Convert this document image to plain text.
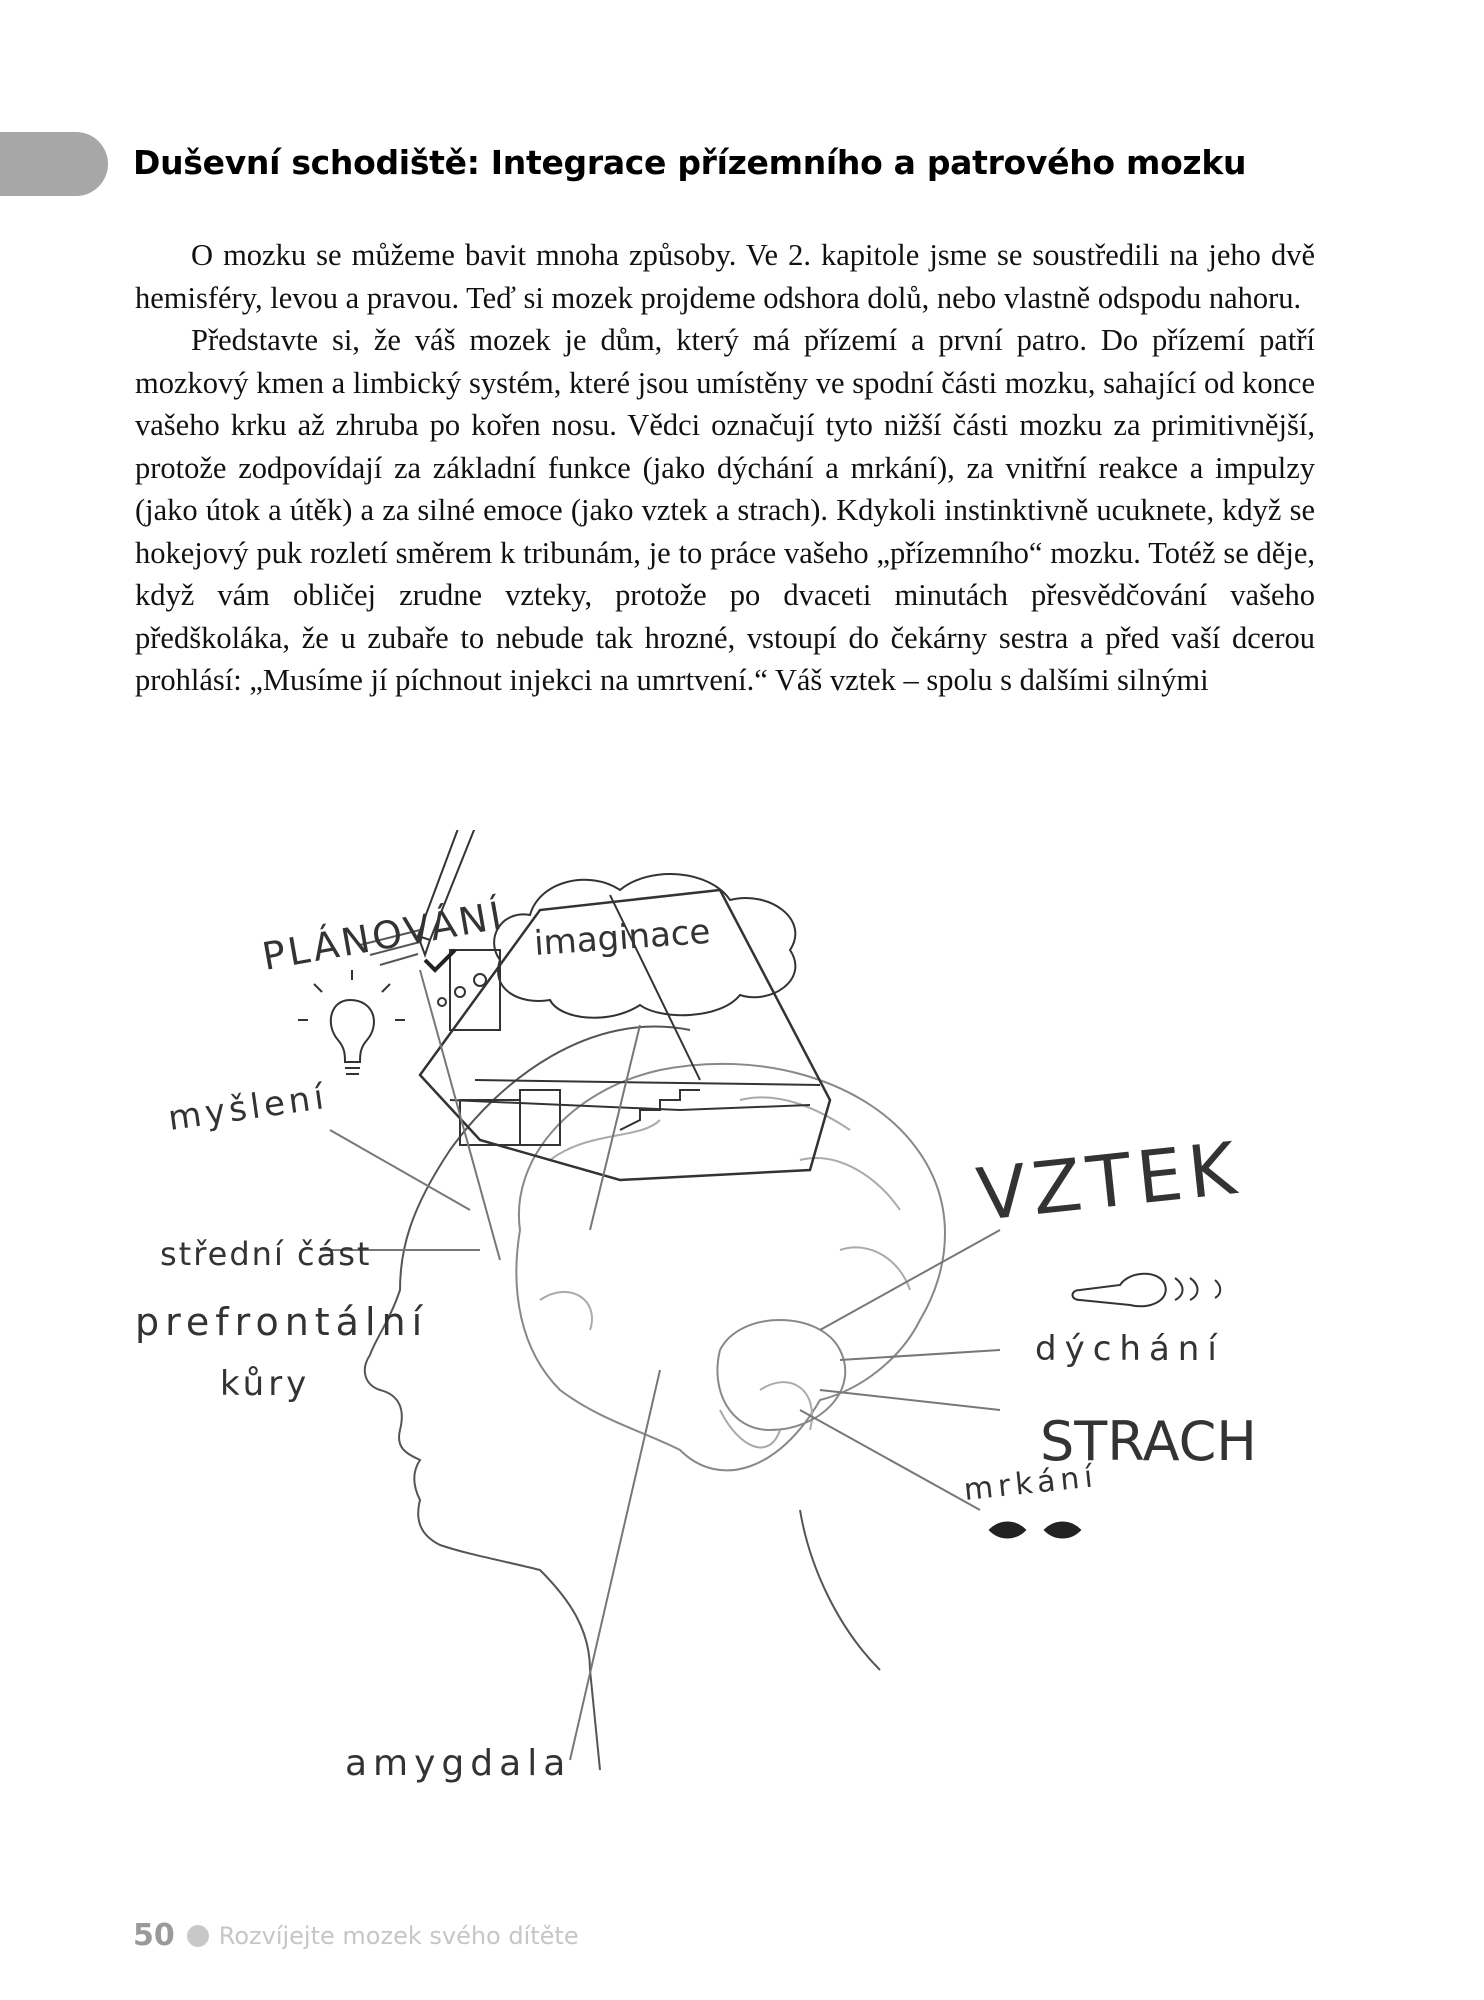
Duševní schodiště: Integrace přízemního a patrového mozku

O mozku se můžeme bavit mnoha způsoby. Ve 2. kapitole jsme se soustředili na jeho dvě hemisféry, levou a pravou. Teď si mozek projdeme odshora dolů, nebo vlastně odspodu nahoru.

Představte si, že váš mozek je dům, který má přízemí a první patro. Do přízemí patří mozkový kmen a limbický systém, které jsou umístěny ve spodní části mozku, sahající od konce vašeho krku až zhruba po kořen nosu. Vědci označují tyto nižší části mozku za primitivnější, protože zodpovídají za základní funkce (jako dýchání a mrkání), za vnitřní reakce a impulzy (jako útok a útěk) a za silné emoce (jako vztek a strach). Kdykoli instinktivně ucuknete, když se hokejový puk rozletí směrem k tribunám, je to práce vašeho „přízemního“ mozku. Totéž se děje, když vám obličej zrudne vzteky, protože po dvaceti minutách přesvědčování vašeho předškoláka, že u zubaře to nebude tak hrozné, vstoupí do čekárny sestra a před vaší dcerou prohlásí: „Musíme jí píchnout injekci na umrtvení.“ Váš vztek – spolu s dalšími silnými

PLÁNOVÁNÍ imaginace
myšlení
střední část
prefrontální
kůry
VZTEK
dýchání
STRACH
mrkání
amygdala
50 Rozvíjejte mozek svého dítěte
